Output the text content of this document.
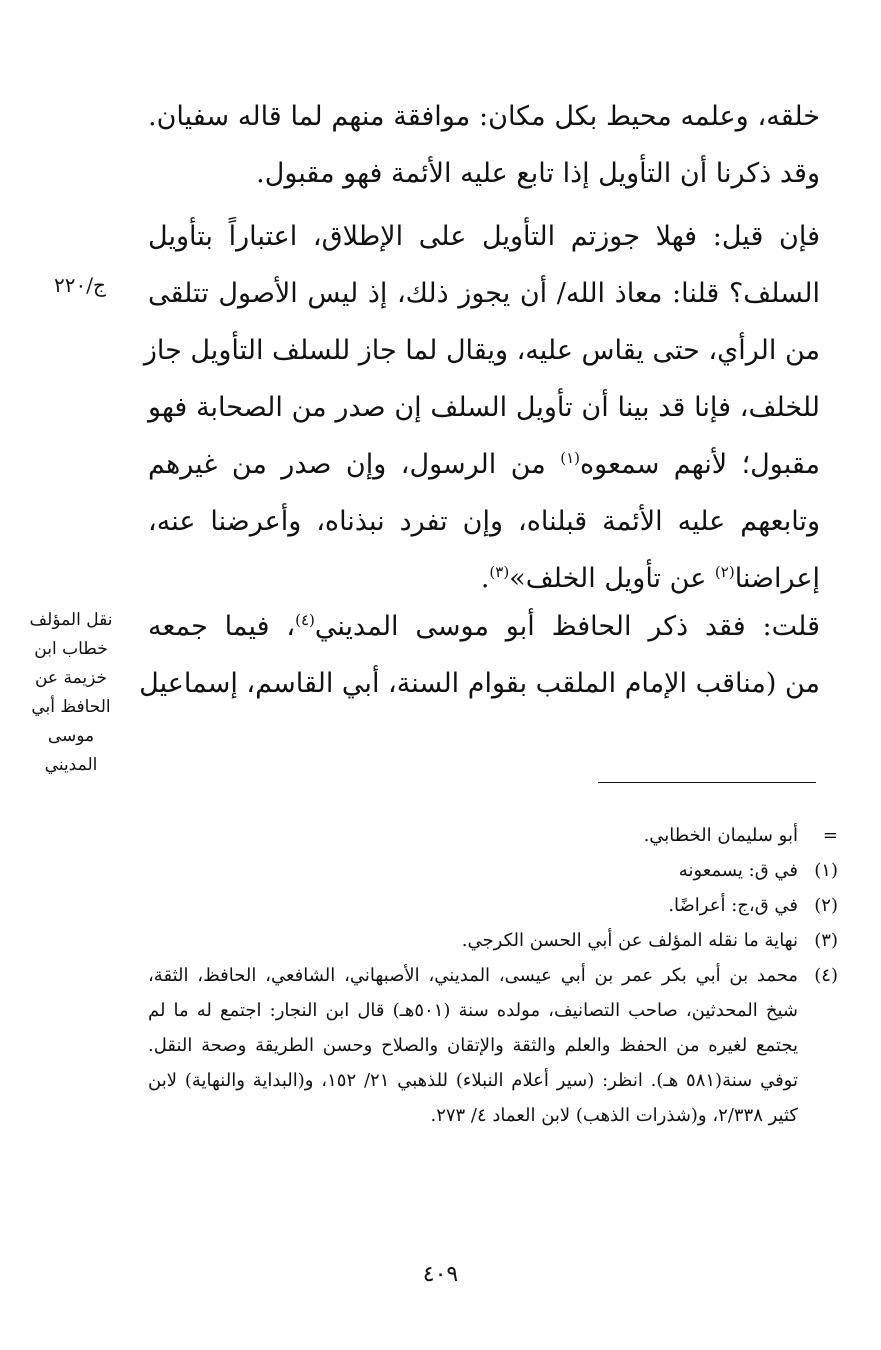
خلقه، وعلمه محيط بكل مكان: موافقة منهم لما قاله سفيان.
وقد ذكرنا أن التأويل إذا تابع عليه الأئمة فهو مقبول.
فإن قيل: فهلا جوزتم التأويل على الإطلاق، اعتباراً بتأويل
السلف؟ قلنا: معاذ الله/ أن يجوز ذلك، إذ ليس الأصول تتلقى
من الرأي، حتى يقاس عليه، ويقال لما جاز للسلف التأويل جاز
للخلف، فإنا قد بينا أن تأويل السلف إن صدر من الصحابة فهو
مقبول؛ لأنهم سمعوه$^{(١)}$ من الرسول، وإن صدر من غيرهم
وتابعهم عليه الأئمة قبلناه، وإن تفرد نبذناه، وأعرضنا عنه،
إعراضنا$^{(٢)}$ عن تأويل الخلف»$^{(٣)}$.
قلت: فقد ذكر الحافظ أبو موسى المديني$^{(٤)}$، فيما جمعه
من (مناقب الإمام الملقب بقوام السنة، أبي القاسم، إسماعيل
ج/٢٢٠
نقل المؤلف
خطاب ابن
خزيمة عن
الحافظ أبي
موسى
المديني
=
أبو سليمان الخطابي.
(١)
في ق: يسمعونه
(٢)
في ق،ج: أعراضًا.
(٣)
نهاية ما نقله المؤلف عن أبي الحسن الكرجي.
(٤)
محمد بن أبي بكر عمر بن أبي عيسى، المديني، الأصبهاني، الشافعي، الحافظ، الثقة، شيخ المحدثين، صاحب التصانيف، مولده سنة (٥٠١هـ) قال ابن النجار: اجتمع له ما لم يجتمع لغيره من الحفظ والعلم والثقة والإتقان والصلاح وحسن الطريقة وصحة النقل. توفي سنة(٥٨١ هـ). انظر: (سير أعلام النبلاء) للذهبي ٢١/ ١٥٢، و(البداية والنهاية) لابن كثير ٢/٣٣٨، و(شذرات الذهب) لابن العماد ٤/ ٢٧٣.
٤٠٩
